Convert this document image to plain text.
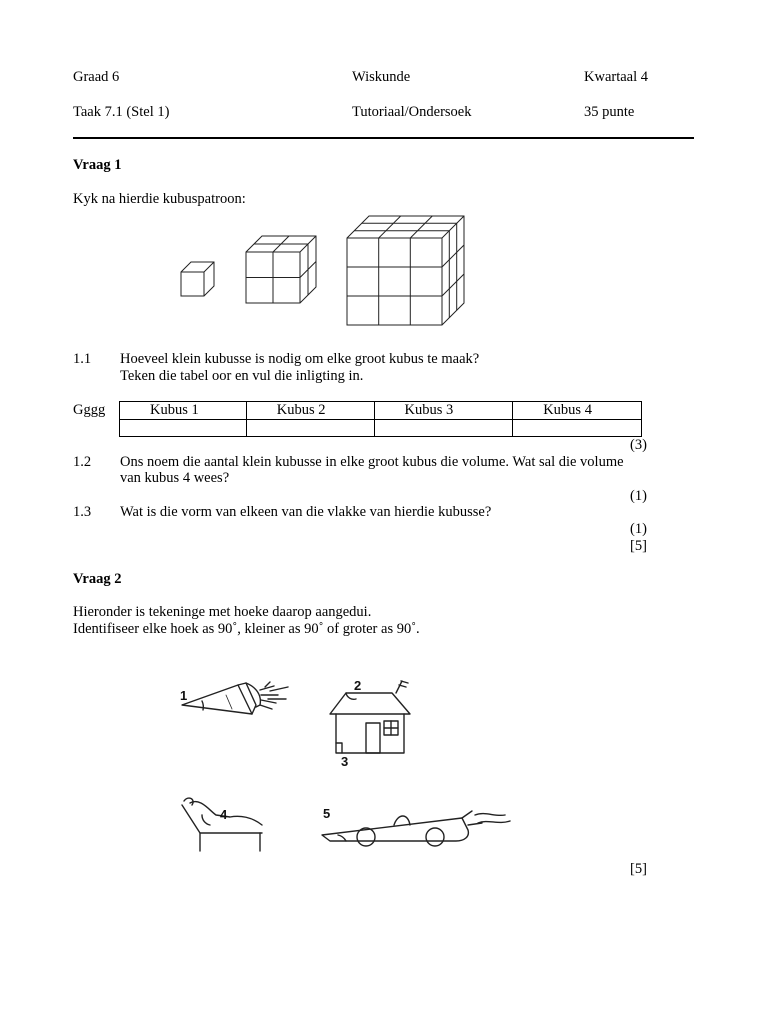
Graad 6	Wiskunde	Kwartaal 4
Taak 7.1 (Stel 1)	Tutoriaal/Ondersoek	35 punte
Vraag 1
Kyk na hierdie kubuspatroon:
1.1 Hoeveel klein kubusse is nodig om elke groot kubus te maak?
Teken die tabel oor en vul die inligting in.
Gggg	Kubus 1	Kubus 2	Kubus 3	Kubus 4

(3)
1.2 Ons noem die aantal klein kubusse in elke groot kubus die volume. Wat sal die volume
van kubus 4 wees?
(1)
1.3 Wat is die vorm van elkeen van die vlakke van hierdie kubusse?
(1)
[5]
Vraag 2
Hieronder is tekeninge met hoeke daarop aangedui.
Identifiseer elke hoek as 90˚, kleiner as 90˚ of groter as 90˚.
1
2
3
4	5
[5]
